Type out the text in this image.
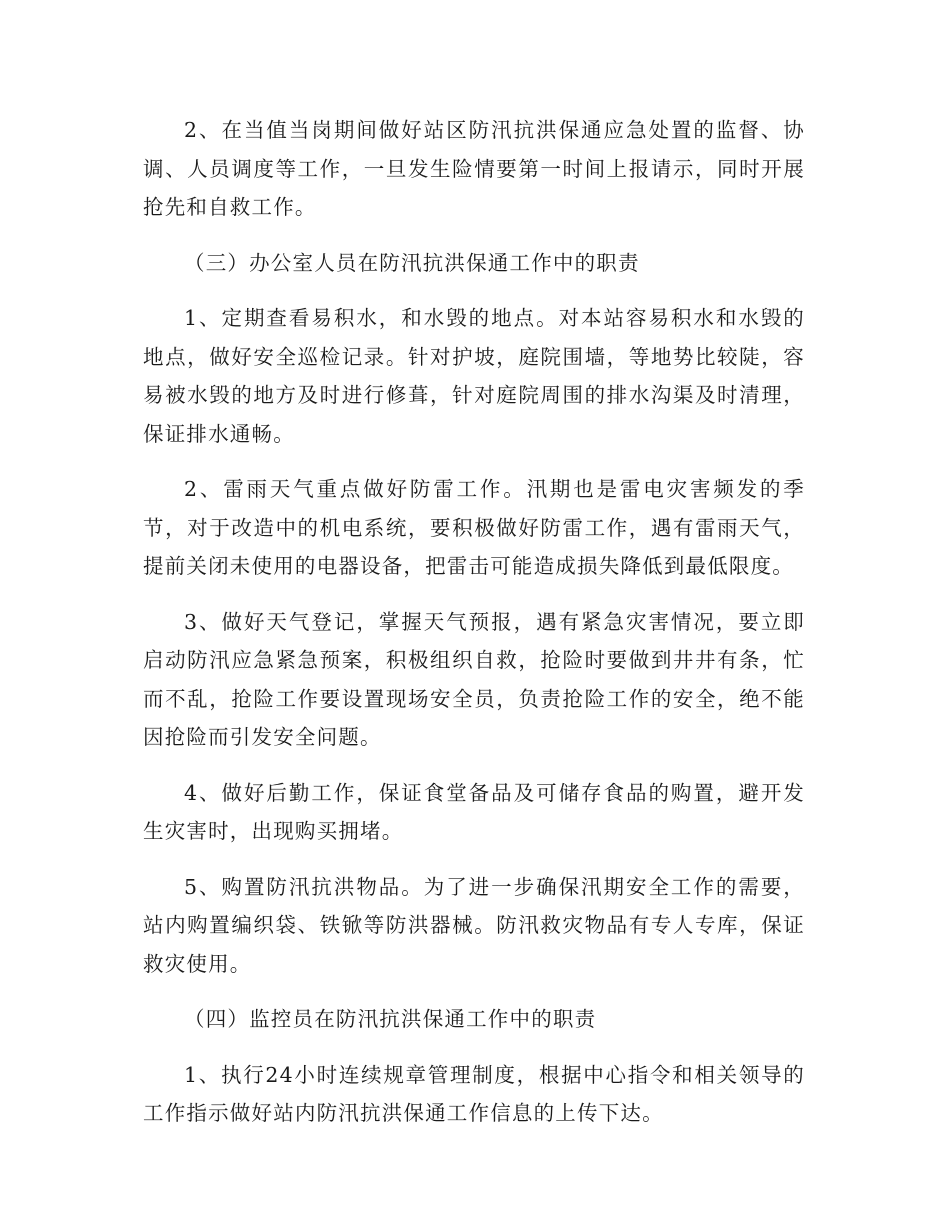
2、在当值当岗期间做好站区防汛抗洪保通应急处置的监督、协调、人员调度等工作，一旦发生险情要第一时间上报请示，同时开展抢先和自救工作。

（三）办公室人员在防汛抗洪保通工作中的职责

1、定期查看易积水，和水毁的地点。对本站容易积水和水毁的地点，做好安全巡检记录。针对护坡，庭院围墙，等地势比较陡，容易被水毁的地方及时进行修葺，针对庭院周围的排水沟渠及时清理，保证排水通畅。

2、雷雨天气重点做好防雷工作。汛期也是雷电灾害频发的季节，对于改造中的机电系统，要积极做好防雷工作，遇有雷雨天气，提前关闭未使用的电器设备，把雷击可能造成损失降低到最低限度。

3、做好天气登记，掌握天气预报，遇有紧急灾害情况，要立即启动防汛应急紧急预案，积极组织自救，抢险时要做到井井有条，忙而不乱，抢险工作要设置现场安全员，负责抢险工作的安全，绝不能因抢险而引发安全问题。

4、做好后勤工作，保证食堂备品及可储存食品的购置，避开发生灾害时，出现购买拥堵。

5、购置防汛抗洪物品。为了进一步确保汛期安全工作的需要，站内购置编织袋、铁锨等防洪器械。防汛救灾物品有专人专库，保证救灾使用。

（四）监控员在防汛抗洪保通工作中的职责

1、执行24小时连续规章管理制度，根据中心指令和相关领导的工作指示做好站内防汛抗洪保通工作信息的上传下达。
